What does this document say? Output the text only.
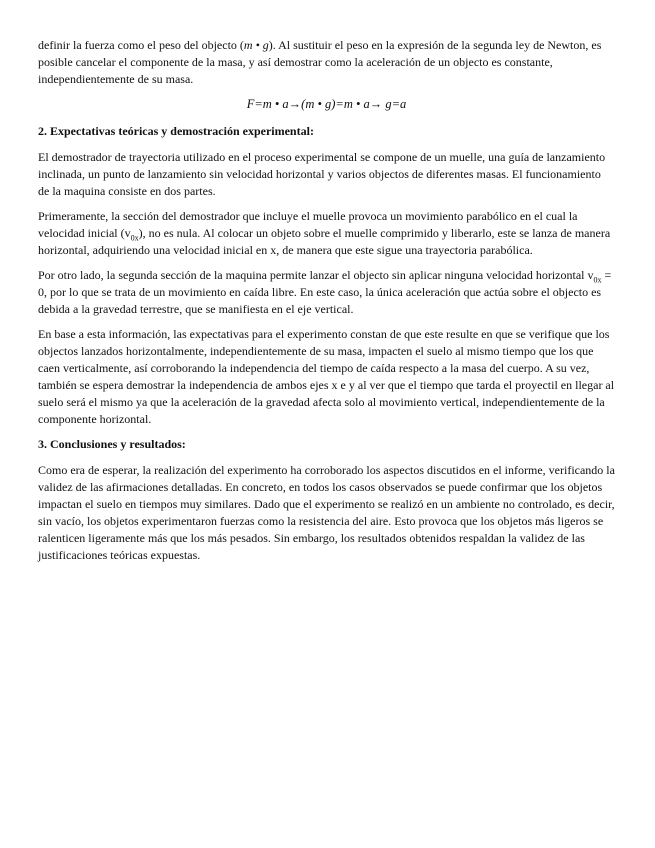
definir la fuerza como el peso del objecto (m • g). Al sustituir el peso en la expresión de la segunda ley de Newton, es posible cancelar el componente de la masa, y así demostrar como la aceleración de un objecto es constante, independientemente de su masa.

F=m • a→(m • g)=m • a→ g=a
2. Expectativas teóricas y demostración experimental:

El demostrador de trayectoria utilizado en el proceso experimental se compone de un muelle, una guía de lanzamiento inclinada, un punto de lanzamiento sin velocidad horizontal y varios objectos de diferentes masas. El funcionamiento de la maquina consiste en dos partes.

Primeramente, la sección del demostrador que incluye el muelle provoca un movimiento parabólico en el cual la velocidad inicial $(v_{0x})$, no es nula. Al colocar un objeto sobre el muelle comprimido y liberarlo, este se lanza de manera horizontal, adquiriendo una velocidad inicial en x, de manera que este sigue una trayectoria parabólica.

Por otro lado, la segunda sección de la maquina permite lanzar el objecto sin aplicar ninguna velocidad horizontal $v_{0x} = 0$, por lo que se trata de un movimiento en caída libre. En este caso, la única aceleración que actúa sobre el objecto es debida a la gravedad terrestre, que se manifiesta en el eje vertical.

En base a esta información, las expectativas para el experimento constan de que este resulte en que se verifique que los objectos lanzados horizontalmente, independientemente de su masa, impacten el suelo al mismo tiempo que los que caen verticalmente, así corroborando la independencia del tiempo de caída respecto a la masa del cuerpo. A su vez, también se espera demostrar la independencia de ambos ejes x e y al ver que el tiempo que tarda el proyectil en llegar al suelo será el mismo ya que la aceleración de la gravedad afecta solo al movimiento vertical, independientemente de la componente horizontal.

3. Conclusiones y resultados:

Como era de esperar, la realización del experimento ha corroborado los aspectos discutidos en el informe, verificando la validez de las afirmaciones detalladas. En concreto, en todos los casos observados se puede confirmar que los objetos impactan el suelo en tiempos muy similares. Dado que el experimento se realizó en un ambiente no controlado, es decir, sin vacío, los objetos experimentaron fuerzas como la resistencia del aire. Esto provoca que los objetos más ligeros se ralenticen ligeramente más que los más pesados. Sin embargo, los resultados obtenidos respaldan la validez de las justificaciones teóricas expuestas.
